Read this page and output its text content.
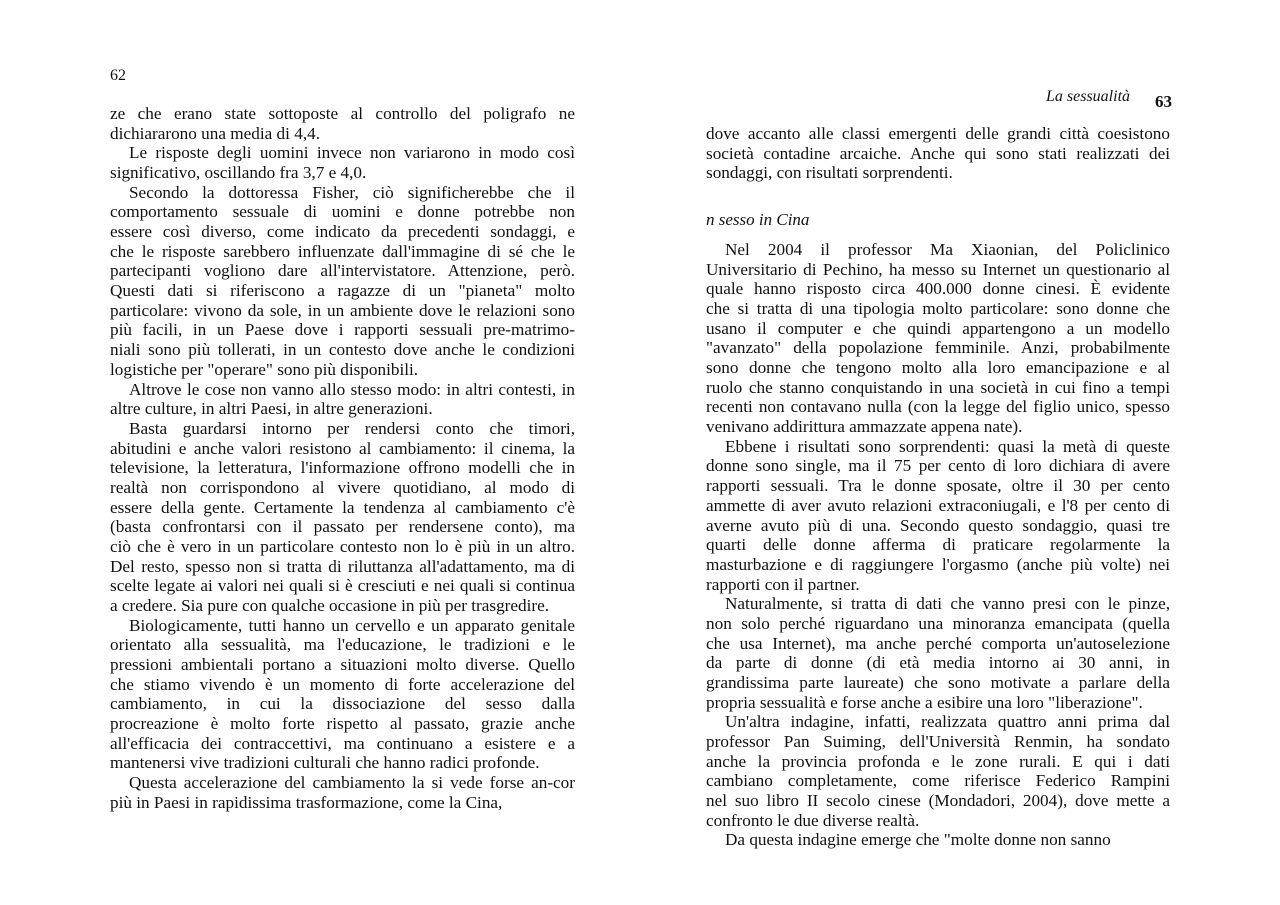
62
La sessualità 63
ze che erano state sottoposte al controllo del poligrafo ne
dichiararono una media di 4,4.
Le risposte degli uomini invece non variarono in modo così
significativo, oscillando fra 3,7 e 4,0.
Secondo la dottoressa Fisher, ciò significherebbe che il
comportamento sessuale di uomini e donne potrebbe non
essere così diverso, come indicato da precedenti sondaggi, e
che le risposte sarebbero influenzate dall'immagine di sé che le
partecipanti vogliono dare all'intervistatore. Attenzione, però.
Questi dati si riferiscono a ragazze di un "pianeta" molto
particolare: vivono da sole, in un ambiente dove le relazioni sono
più facili, in un Paese dove i rapporti sessuali pre-matrimo-
niali sono più tollerati, in un contesto dove anche le condizioni
logistiche per "operare" sono più disponibili.
Altrove le cose non vanno allo stesso modo: in altri contesti, in
altre culture, in altri Paesi, in altre generazioni.
Basta guardarsi intorno per rendersi conto che timori,
abitudini e anche valori resistono al cambiamento: il cinema, la
televisione, la letteratura, l'informazione offrono modelli che in
realtà non corrispondono al vivere quotidiano, al modo di
essere della gente. Certamente la tendenza al cambiamento c'è
(basta confrontarsi con il passato per rendersene conto), ma
ciò che è vero in un particolare contesto non lo è più in un altro.
Del resto, spesso non si tratta di riluttanza all'adattamento, ma di
scelte legate ai valori nei quali si è cresciuti e nei quali si continua
a credere. Sia pure con qualche occasione in più per trasgredire.
Biologicamente, tutti hanno un cervello e un apparato genitale
orientato alla sessualità, ma l'educazione, le tradizioni e le
pressioni ambientali portano a situazioni molto diverse. Quello
che stiamo vivendo è un momento di forte accelerazione del
cambiamento, in cui la dissociazione del sesso dalla
procreazione è molto forte rispetto al passato, grazie anche
all'efficacia dei contraccettivi, ma continuano a esistere e a
mantenersi vive tradizioni culturali che hanno radici profonde.
Questa accelerazione del cambiamento la si vede forse an-cor
più in Paesi in rapidissima trasformazione, come la Cina,
dove accanto alle classi emergenti delle grandi città coesistono
società contadine arcaiche. Anche qui sono stati realizzati dei
sondaggi, con risultati sorprendenti.
n sesso in Cina
Nel 2004 il professor Ma Xiaonian, del Policlinico
Universitario di Pechino, ha messo su Internet un questionario al
quale hanno risposto circa 400.000 donne cinesi. È evidente
che si tratta di una tipologia molto particolare: sono donne che
usano il computer e che quindi appartengono a un modello
"avanzato" della popolazione femminile. Anzi, probabilmente
sono donne che tengono molto alla loro emancipazione e al
ruolo che stanno conquistando in una società in cui fino a tempi
recenti non contavano nulla (con la legge del figlio unico, spesso
venivano addirittura ammazzate appena nate).
Ebbene i risultati sono sorprendenti: quasi la metà di queste
donne sono single, ma il 75 per cento di loro dichiara di avere
rapporti sessuali. Tra le donne sposate, oltre il 30 per cento
ammette di aver avuto relazioni extraconiugali, e l'8 per cento di
averne avuto più di una. Secondo questo sondaggio, quasi tre
quarti delle donne afferma di praticare regolarmente la
masturbazione e di raggiungere l'orgasmo (anche più volte) nei
rapporti con il partner.
Naturalmente, si tratta di dati che vanno presi con le pinze,
non solo perché riguardano una minoranza emancipata (quella
che usa Internet), ma anche perché comporta un'autoselezione
da parte di donne (di età media intorno ai 30 anni, in
grandissima parte laureate) che sono motivate a parlare della
propria sessualità e forse anche a esibire una loro "liberazione".
Un'altra indagine, infatti, realizzata quattro anni prima dal
professor Pan Suiming, dell'Università Renmin, ha sondato
anche la provincia profonda e le zone rurali. E qui i dati
cambiano completamente, come riferisce Federico Rampini
nel suo libro II secolo cinese (Mondadori, 2004), dove mette a
confronto le due diverse realtà.
Da questa indagine emerge che "molte donne non sanno
